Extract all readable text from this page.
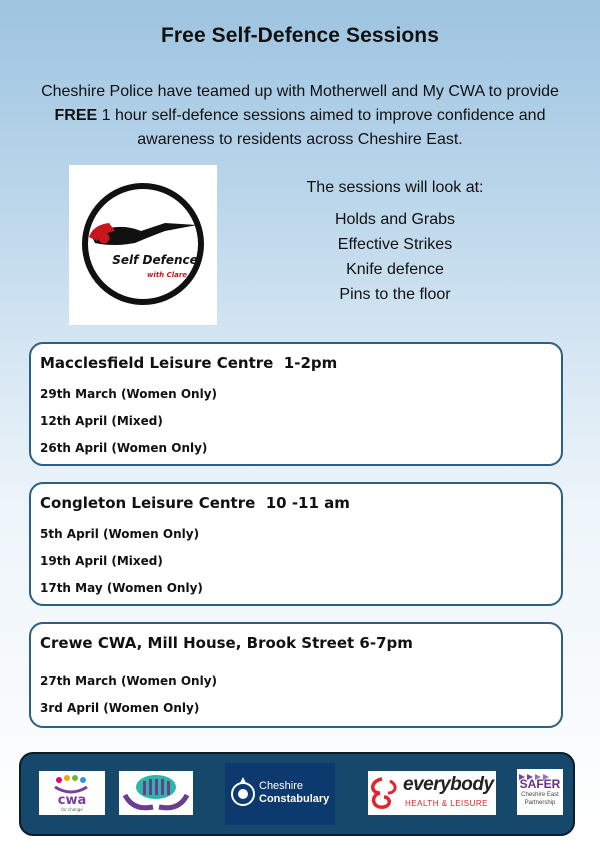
Free Self-Defence Sessions
Cheshire Police have teamed up with Motherwell and My CWA to provide FREE 1 hour self-defence sessions aimed to improve confidence and awareness to residents across Cheshire East.
Self Defence
with Clare
The sessions will look at:
Holds and Grabs
Effective Strikes
Knife defence
Pins to the floor
Macclesfield Leisure Centre  1-2pm
29th March (Women Only)
12th April (Mixed)
26th April (Women Only)
Congleton Leisure Centre  10 -11 am
5th April (Women Only)
19th April (Mixed)
17th May (Women Only)
Crewe CWA, Mill House, Brook Street 6-7pm
27th March (Women Only)
3rd April (Women Only)
cwa
for change
Cheshire
Constabulary
everybody
HEALTH & LEISURE
SAFER
Cheshire East
Partnership
